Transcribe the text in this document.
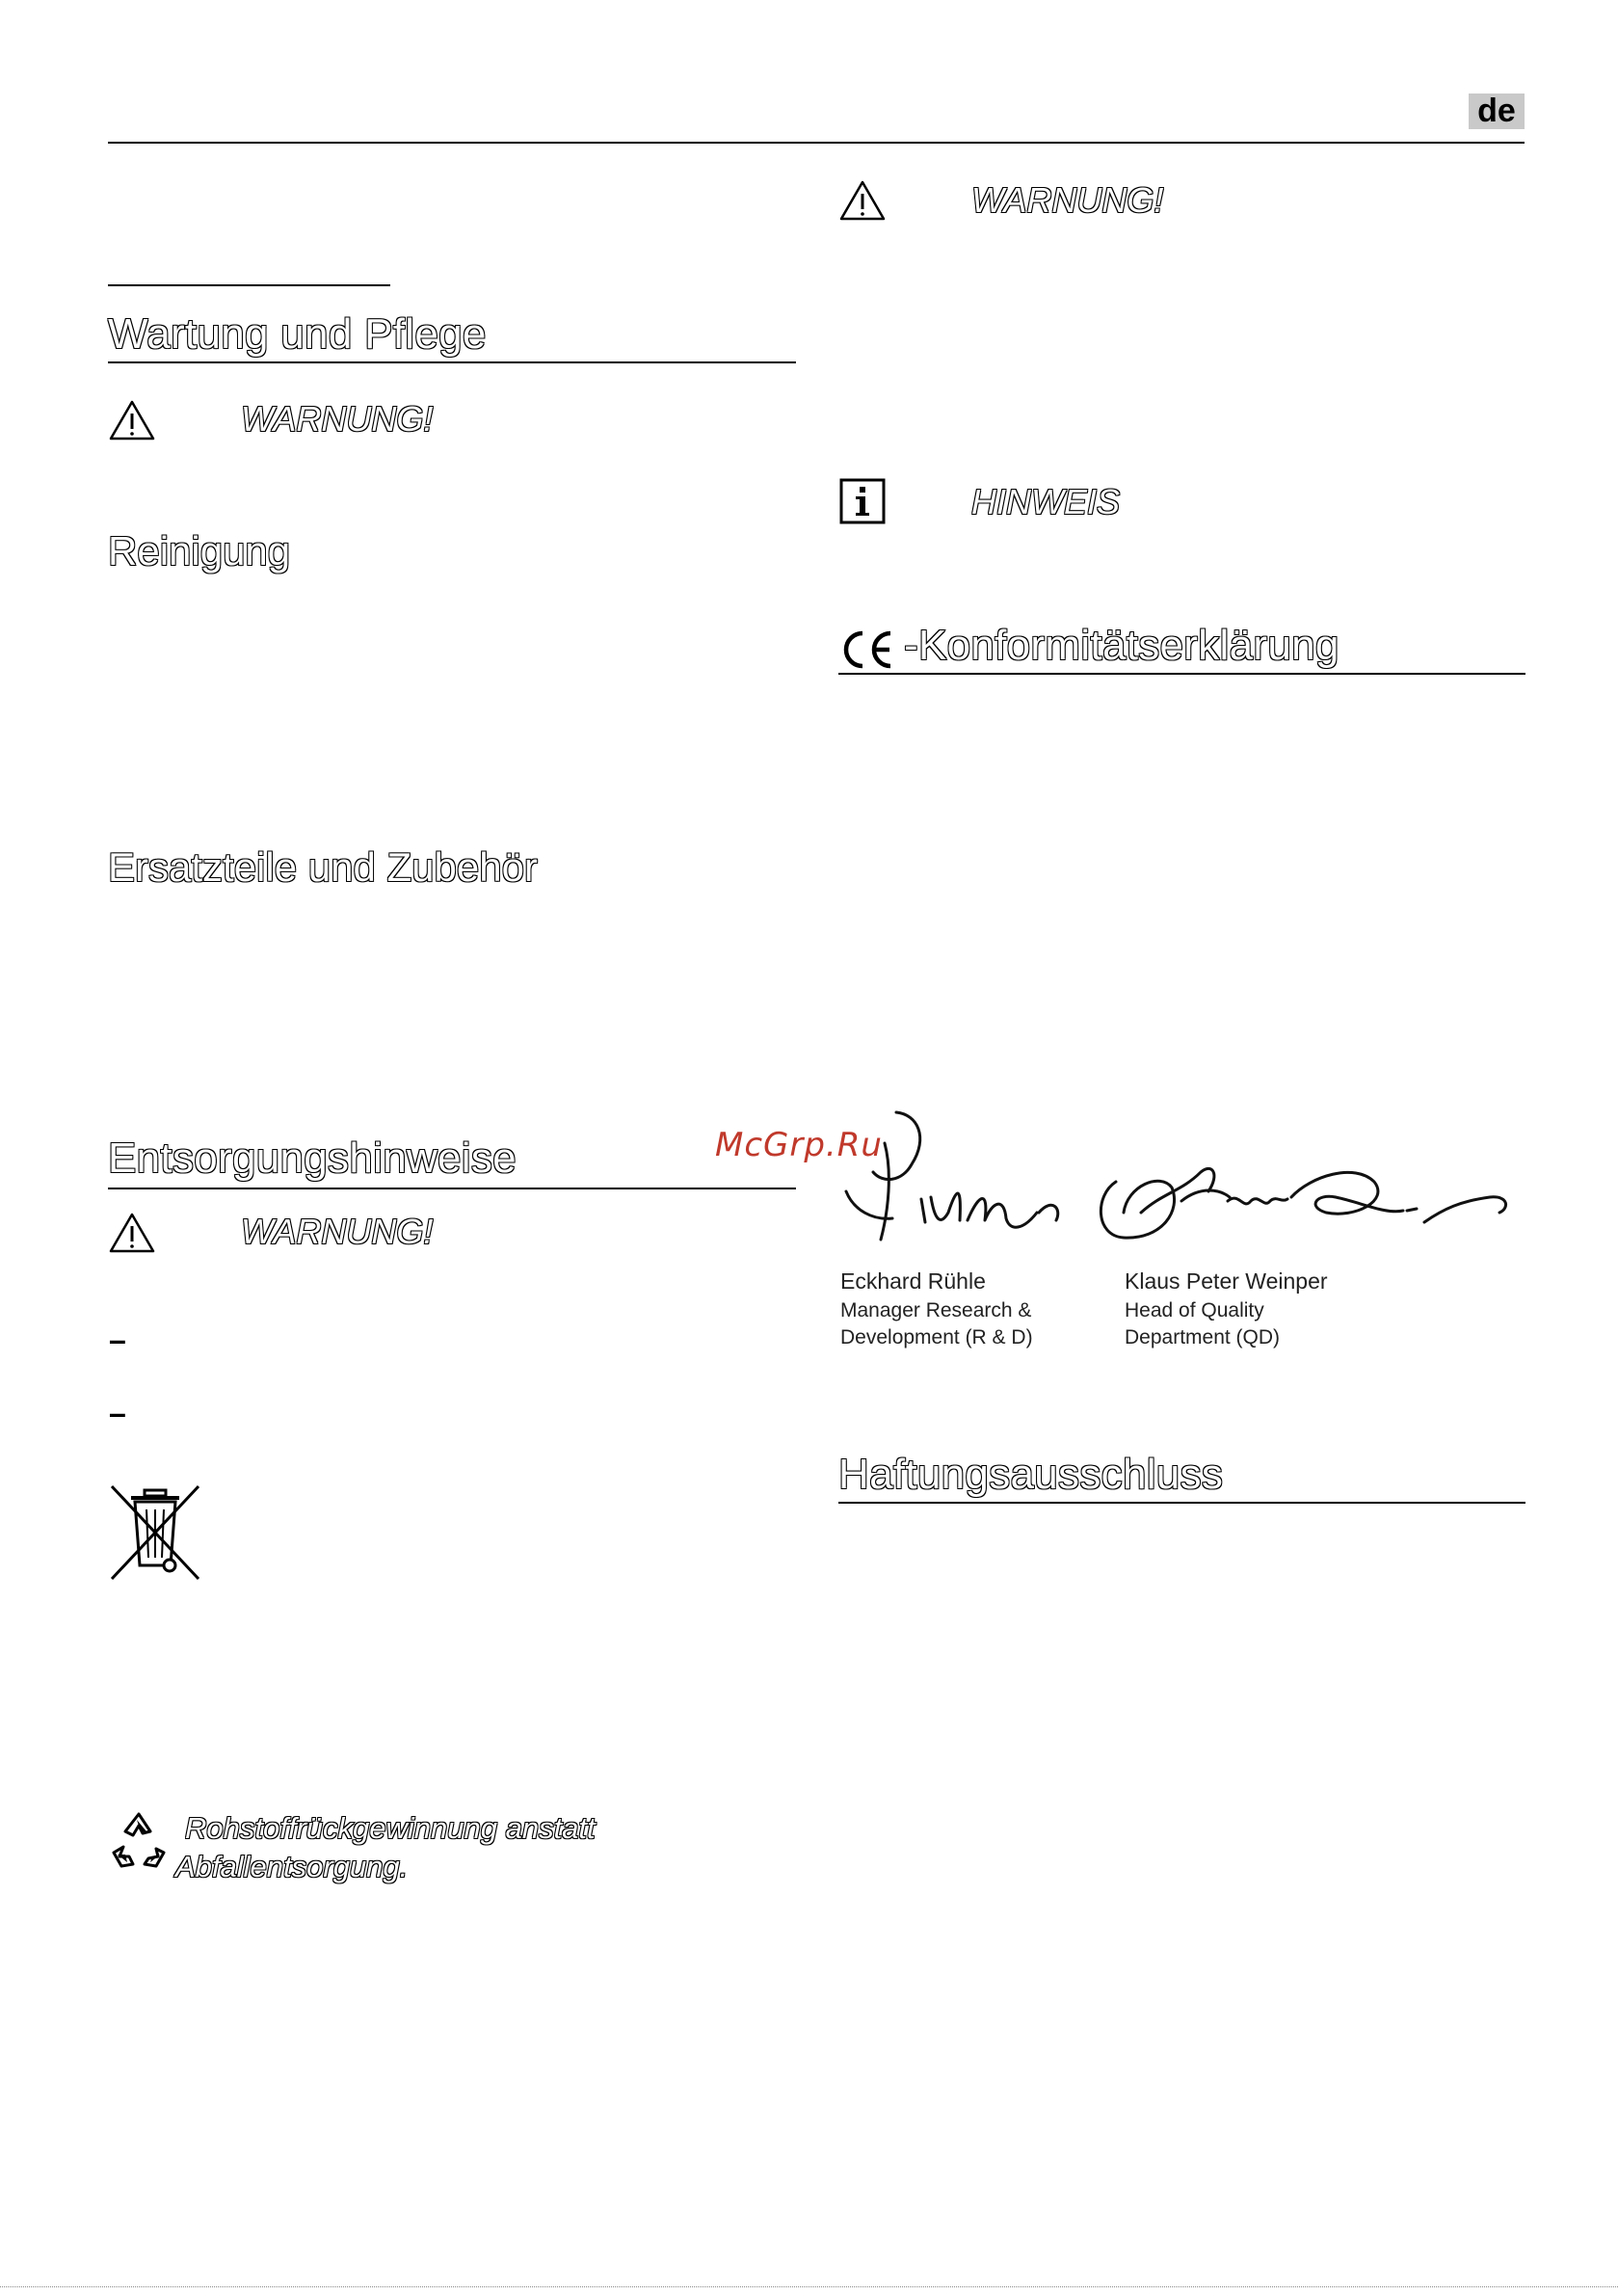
de
Wartung und Pflege
WARNUNG!
Reinigung
Ersatzteile und Zubehör
Entsorgungshinweise
WARNUNG!
–
–
Rohstoffrückgewinnung anstatt
Abfallentsorgung.
WARNUNG!
HINWEIS
-Konformitätserklärung
McGrp.Ru
Eckhard Rühle
Manager Research &
Development (R & D)
Klaus Peter Weinper
Head of Quality
Department (QD)
Haftungsausschluss
